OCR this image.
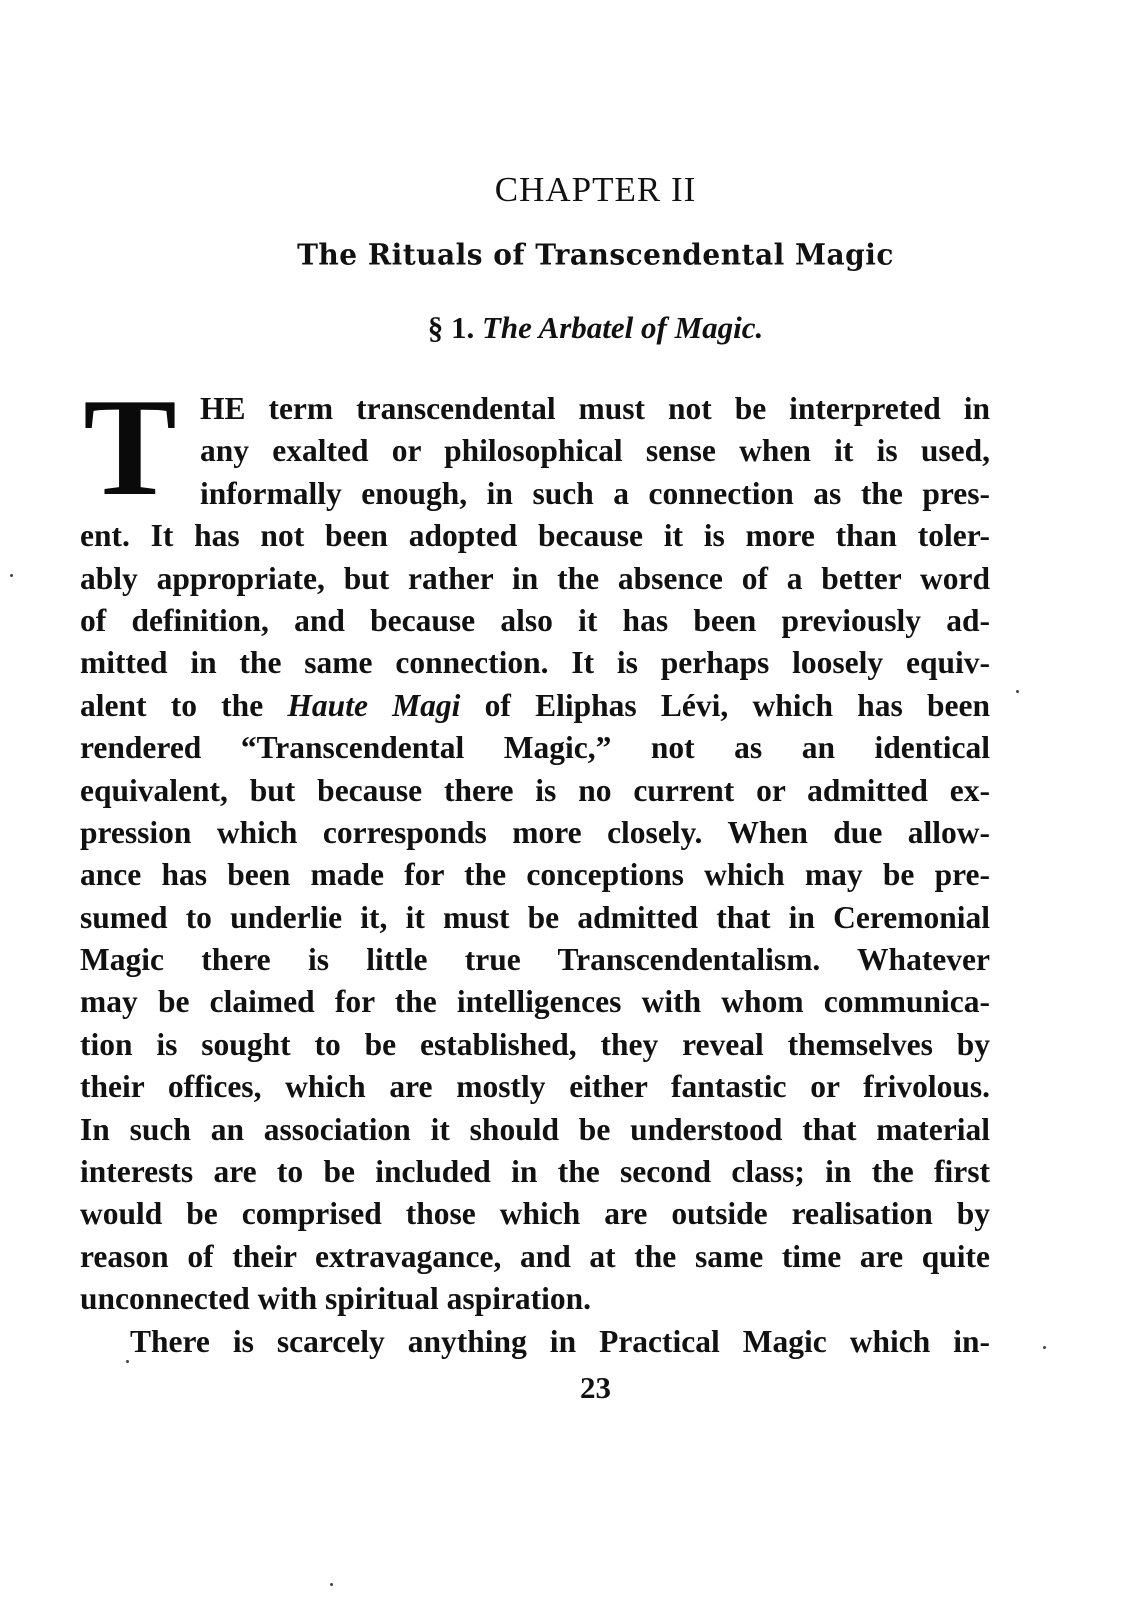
CHAPTER II
The Rituals of Transcendental Magic
§ 1. The Arbatel of Magic.
T HE term transcendental must not be interpreted in
any exalted or philosophical sense when it is used,
informally enough, in such a connection as the pres-
ent. It has not been adopted because it is more than toler-
ably appropriate, but rather in the absence of a better word
of definition, and because also it has been previously ad-
mitted in the same connection. It is perhaps loosely equiv-
alent to the Haute Magi of Eliphas Lévi, which has been
rendered “Transcendental Magic,” not as an identical
equivalent, but because there is no current or admitted ex-
pression which corresponds more closely. When due allow-
ance has been made for the conceptions which may be pre-
sumed to underlie it, it must be admitted that in Ceremonial
Magic there is little true Transcendentalism. Whatever
may be claimed for the intelligences with whom communica-
tion is sought to be established, they reveal themselves by
their offices, which are mostly either fantastic or frivolous.
In such an association it should be understood that material
interests are to be included in the second class; in the first
would be comprised those which are outside realisation by
reason of their extravagance, and at the same time are quite
unconnected with spiritual aspiration.
There is scarcely anything in Practical Magic which in-
23
